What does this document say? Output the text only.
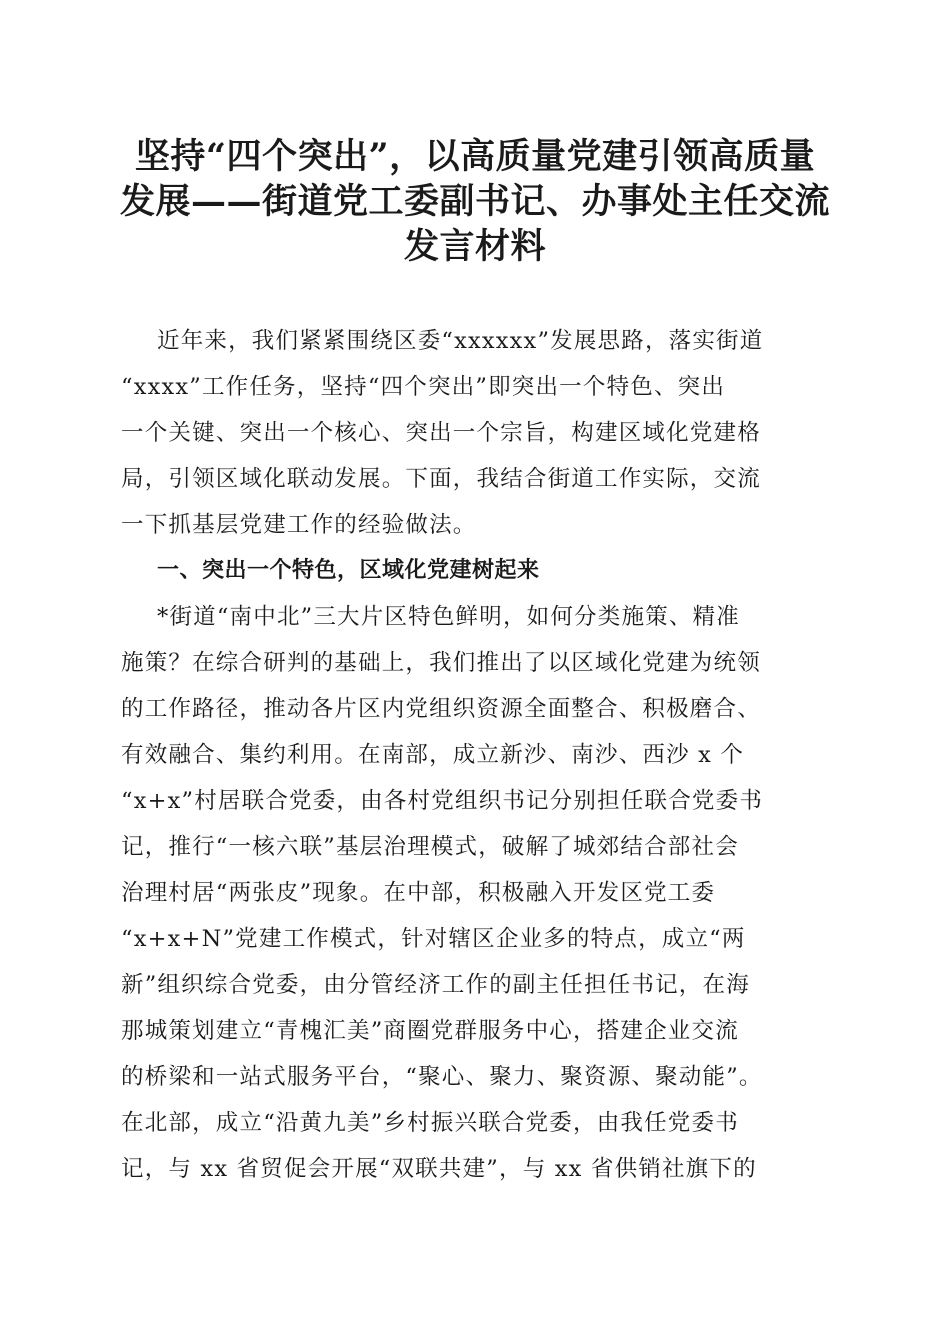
坚持“四个突出”，以高质量党建引领高质量
发展——街道党工委副书记、办事处主任交流
发言材料
近年来，我们紧紧围绕区委“xxxxxx”发展思路，落实街道
“xxxx”工作任务，坚持“四个突出”即突出一个特色、突出
一个关键、突出一个核心、突出一个宗旨，构建区域化党建格
局，引领区域化联动发展。下面，我结合街道工作实际，交流
一下抓基层党建工作的经验做法。
一、突出一个特色，区域化党建树起来
*街道“南中北”三大片区特色鲜明，如何分类施策、精准
施策？在综合研判的基础上，我们推出了以区域化党建为统领
的工作路径，推动各片区内党组织资源全面整合、积极磨合、
有效融合、集约利用。在南部，成立新沙、南沙、西沙 x 个
“x+x”村居联合党委，由各村党组织书记分别担任联合党委书
记，推行“一核六联”基层治理模式，破解了城郊结合部社会
治理村居“两张皮”现象。在中部，积极融入开发区党工委
“x+x+N”党建工作模式，针对辖区企业多的特点，成立“两
新”组织综合党委，由分管经济工作的副主任担任书记，在海
那城策划建立“青槐汇美”商圈党群服务中心，搭建企业交流
的桥梁和一站式服务平台，“聚心、聚力、聚资源、聚动能”。
在北部，成立“沿黄九美”乡村振兴联合党委，由我任党委书
记，与 xx 省贸促会开展“双联共建”，与 xx 省供销社旗下的
